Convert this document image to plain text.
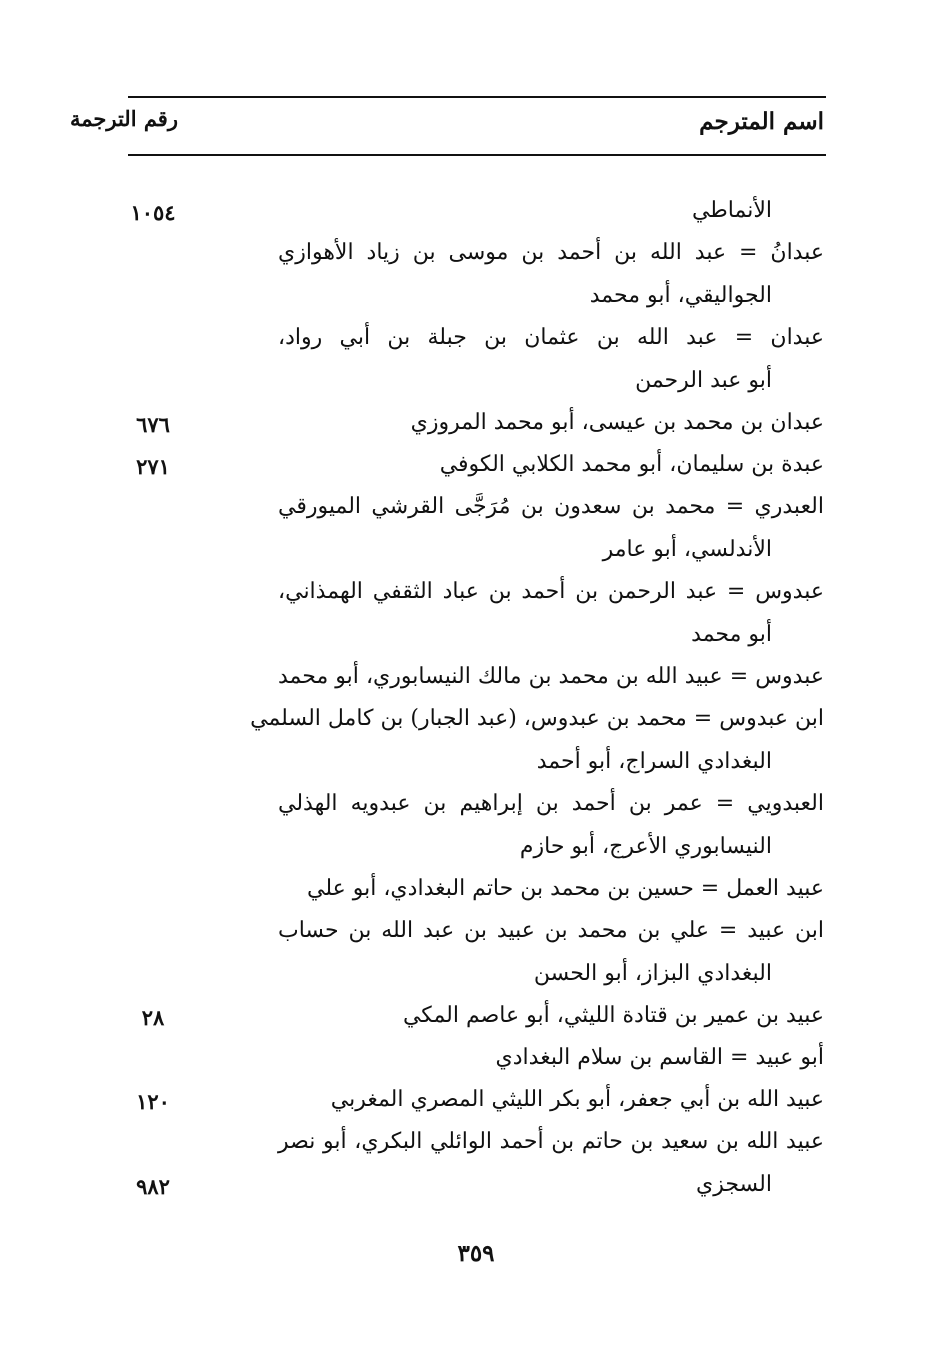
اسم المترجم
رقم الترجمة
الأنماطي
١٠٥٤
عبدانُ = عبد الله بن أحمد بن موسى بن زياد الأهوازي
الجواليقي، أبو محمد
عبدان = عبد الله بن عثمان بن جبلة بن أبي رواد،
أبو عبد الرحمن
عبدان بن محمد بن عيسى، أبو محمد المروزي
٦٧٦
عبدة بن سليمان، أبو محمد الكلابي الكوفي
٢٧١
العبدري = محمد بن سعدون بن مُرَجَّى القرشي الميورقي
الأندلسي، أبو عامر
عبدوس = عبد الرحمن بن أحمد بن عباد الثقفي الهمذاني،
أبو محمد
عبدوس = عبيد الله بن محمد بن مالك النيسابوري، أبو محمد
ابن عبدوس = محمد بن عبدوس، (عبد الجبار) بن كامل السلمي
البغدادي السراج، أبو أحمد
العبدويي = عمر بن أحمد بن إبراهيم بن عبدويه الهذلي
النيسابوري الأعرج، أبو حازم
عبيد العمل = حسين بن محمد بن حاتم البغدادي، أبو علي
ابن عبيد = علي بن محمد بن عبيد بن عبد الله بن حساب
البغدادي البزاز، أبو الحسن
عبيد بن عمير بن قتادة الليثي، أبو عاصم المكي
٢٨
أبو عبيد = القاسم بن سلام البغدادي
عبيد الله بن أبي جعفر، أبو بكر الليثي المصري المغربي
١٢٠
عبيد الله بن سعيد بن حاتم بن أحمد الوائلي البكري، أبو نصر
السجزي
٩٨٢
٣٥٩
